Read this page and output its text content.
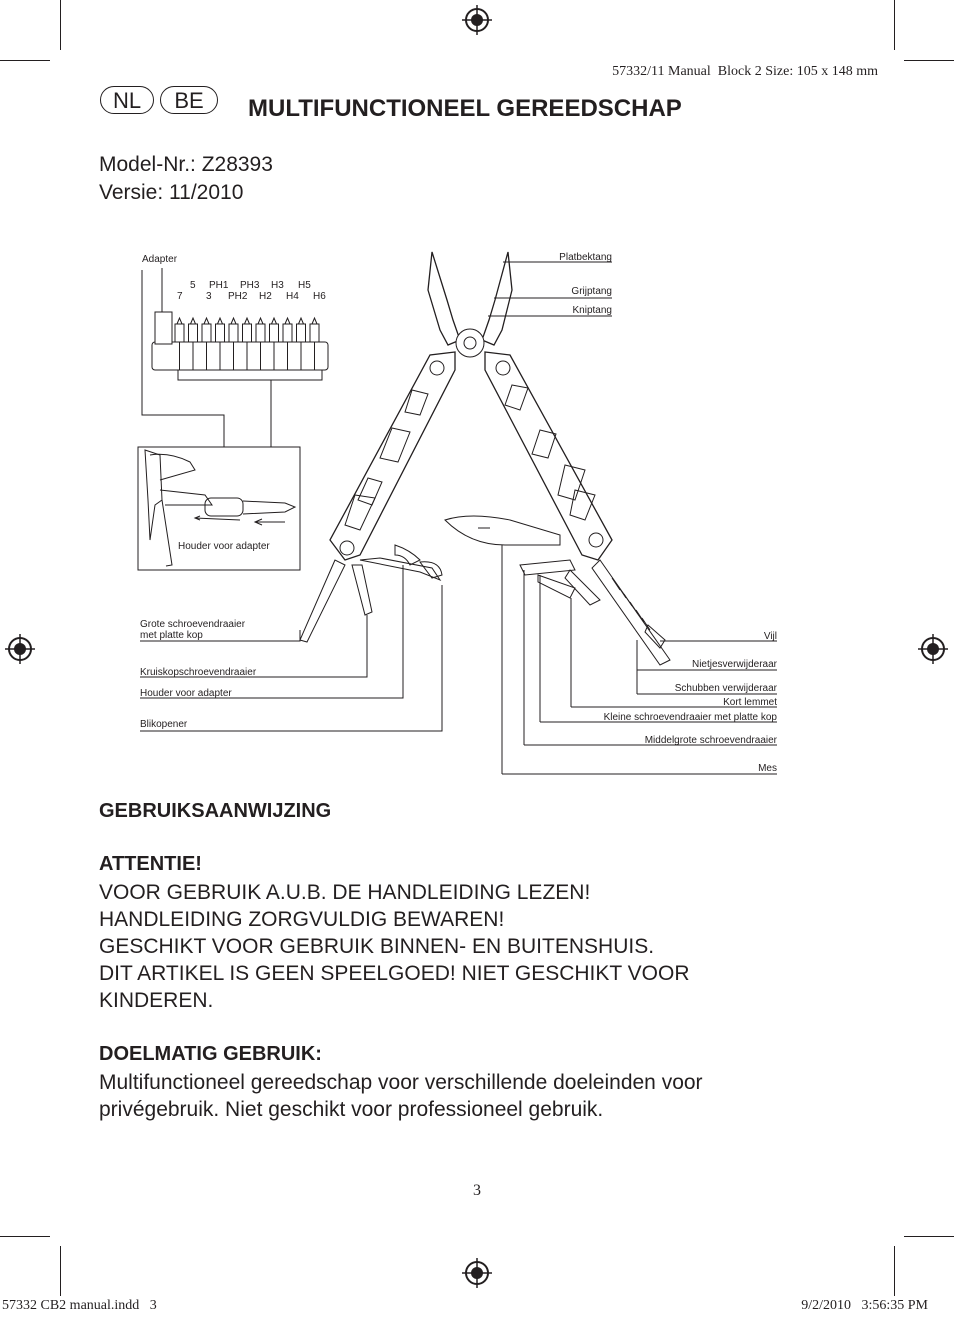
57332/11 Manual  Block 2 Size: 105 x 148 mm
NL	BE	MULTIFUNCTIONEEL GEREEDSCHAP
Model-Nr.: Z28393
Versie: 11/2010
Adapter
5 PH1 PH3 H3 H5
7 3 PH2 H2 H4 H6
Houder voor adapter
Platbektang
Grijptang
Kniptang
Grote schroevendraaier
met platte kop
Kruiskopschroevendraaier
Houder voor adapter
Blikopener
Vijl
Nietjesverwijderaar
Schubben verwijderaar
Kort lemmet
Kleine schroevendraaier met platte kop
Middelgrote schroevendraaier
Mes
GEBRUIKSAANWIJZING
ATTENTIE!
VOOR GEBRUIK A.U.B. DE HANDLEIDING LEZEN!
HANDLEIDING ZORGVULDIG BEWAREN!
GESCHIKT VOOR GEBRUIK BINNEN- EN BUITENSHUIS.
DIT ARTIKEL IS GEEN SPEELGOED! NIET GESCHIKT VOOR
KINDEREN.
DOELMATIG GEBRUIK:
Multifunctioneel gereedschap voor verschillende doeleinden voor
privégebruik. Niet geschikt voor professioneel gebruik.
3
57332 CB2 manual.indd   3	9/2/2010   3:56:35 PM
